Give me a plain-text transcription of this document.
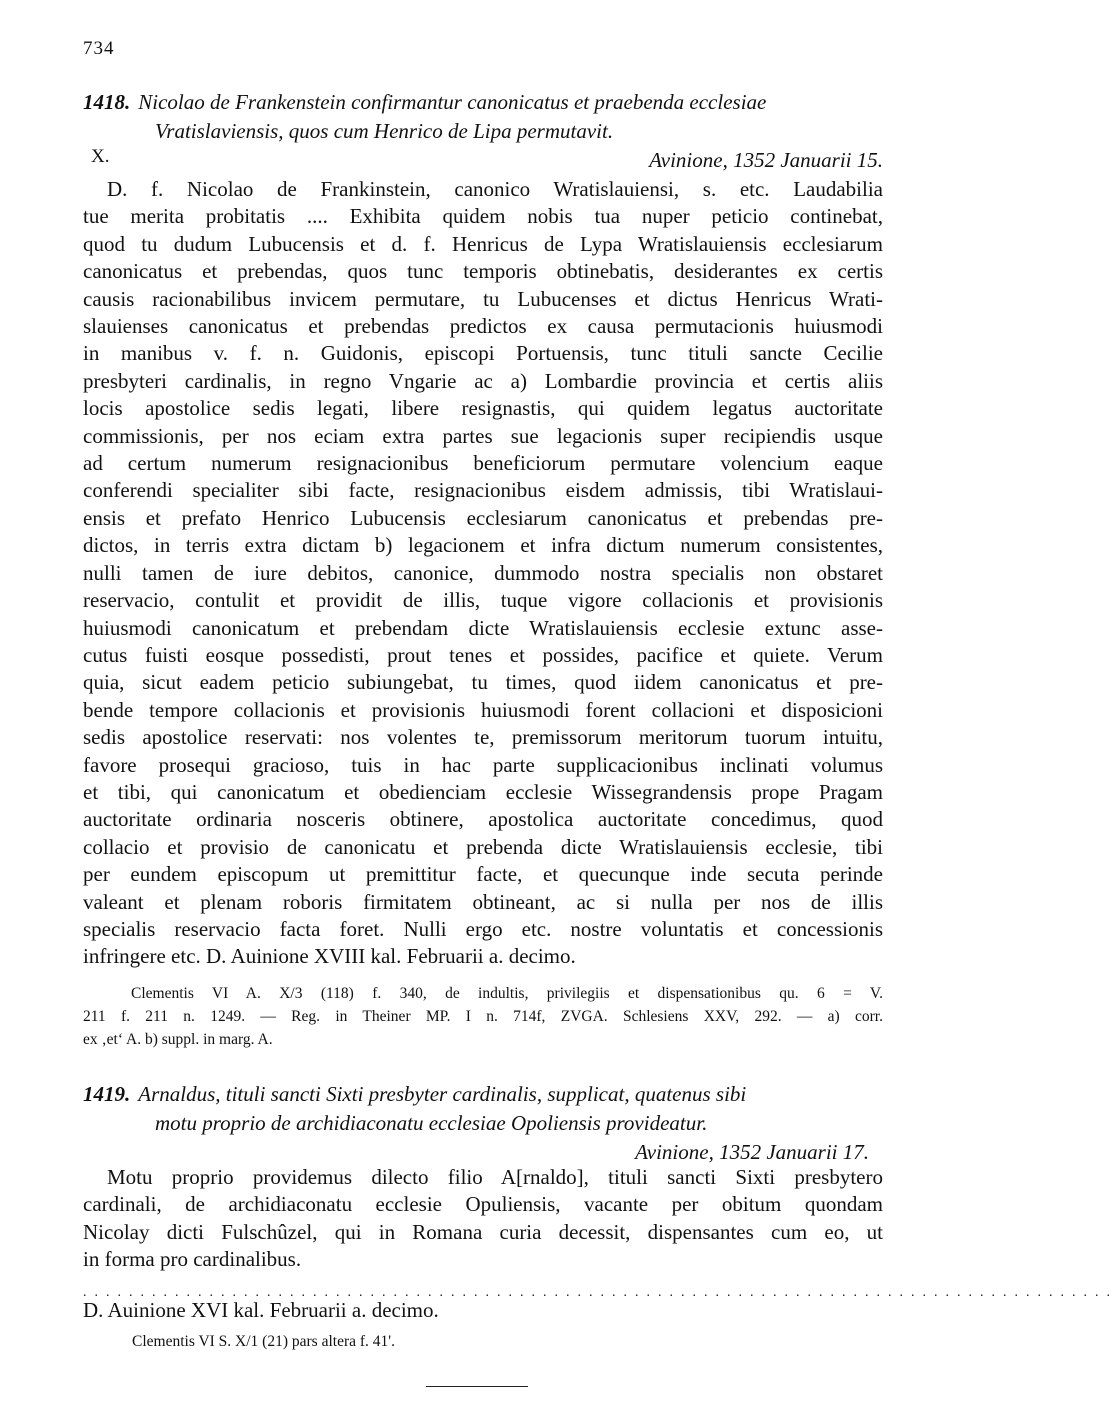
734
1418. Nicolao de Frankenstein confirmantur canonicatus et praebenda ecclesiae
Vratislaviensis, quos cum Henrico de Lipa permutavit.
Avinione, 1352 Januarii 15.
X.
D. f. Nicolao de Frankinstein, canonico Wratislauiensi, s. etc. Laudabilia
tue merita probitatis .... Exhibita quidem nobis tua nuper peticio continebat,
quod tu dudum Lubucensis et d. f. Henricus de Lypa Wratislauiensis ecclesiarum
canonicatus et prebendas, quos tunc temporis obtinebatis, desiderantes ex certis
causis racionabilibus invicem permutare, tu Lubucenses et dictus Henricus Wrati-
slauienses canonicatus et prebendas predictos ex causa permutacionis huiusmodi
in manibus v. f. n. Guidonis, episcopi Portuensis, tunc tituli sancte Cecilie
presbyteri cardinalis, in regno Vngarie ac a) Lombardie provincia et certis aliis
locis apostolice sedis legati, libere resignastis, qui quidem legatus auctoritate
commissionis, per nos eciam extra partes sue legacionis super recipiendis usque
ad certum numerum resignacionibus beneficiorum permutare volencium eaque
conferendi specialiter sibi facte, resignacionibus eisdem admissis, tibi Wratislaui-
ensis et prefato Henrico Lubucensis ecclesiarum canonicatus et prebendas pre-
dictos, in terris extra dictam b) legacionem et infra dictum numerum consistentes,
nulli tamen de iure debitos, canonice, dummodo nostra specialis non obstaret
reservacio, contulit et providit de illis, tuque vigore collacionis et provisionis
huiusmodi canonicatum et prebendam dicte Wratislauiensis ecclesie extunc asse-
cutus fuisti eosque possedisti, prout tenes et possides, pacifice et quiete. Verum
quia, sicut eadem peticio subiungebat, tu times, quod iidem canonicatus et pre-
bende tempore collacionis et provisionis huiusmodi forent collacioni et disposicioni
sedis apostolice reservati: nos volentes te, premissorum meritorum tuorum intuitu,
favore prosequi gracioso, tuis in hac parte supplicacionibus inclinati volumus
et tibi, qui canonicatum et obedienciam ecclesie Wissegrandensis prope Pragam
auctoritate ordinaria nosceris obtinere, apostolica auctoritate concedimus, quod
collacio et provisio de canonicatu et prebenda dicte Wratislauiensis ecclesie, tibi
per eundem episcopum ut premittitur facte, et quecunque inde secuta perinde
valeant et plenam roboris firmitatem obtineant, ac si nulla per nos de illis
specialis reservacio facta foret. Nulli ergo etc. nostre voluntatis et concessionis
infringere etc. D. Auinione XVIII kal. Februarii a. decimo.
Clementis VI A. X/3 (118) f. 340, de indultis, privilegiis et dispensationibus qu. 6 = V.
211 f. 211 n. 1249. — Reg. in Theiner MP. I n. 714f, ZVGA. Schlesiens XXV, 292. — a) corr.
ex ‚et‘ A. b) suppl. in marg. A.
1419. Arnaldus, tituli sancti Sixti presbyter cardinalis, supplicat, quatenus sibi
motu proprio de archidiaconatu ecclesiae Opoliensis provideatur.
Avinione, 1352 Januarii 17.
Motu proprio providemus dilecto filio A[rnaldo], tituli sancti Sixti presbytero
cardinali, de archidiaconatu ecclesie Opuliensis, vacante per obitum quondam
Nicolay dicti Fulschûzel, qui in Romana curia decessit, dispensantes cum eo, ut
in forma pro cardinalibus.
..........................................................................................
D. Auinione XVI kal. Februarii a. decimo.
Clementis VI S. X/1 (21) pars altera f. 41'.
